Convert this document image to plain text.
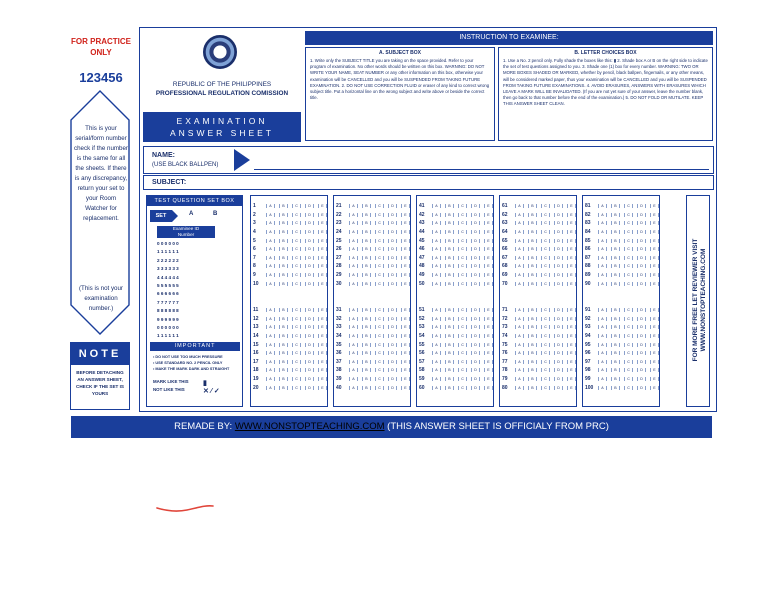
FOR PRACTICE
ONLY
123456
This is your serial/form number check if the number is the same for all the sheets. If there is any discrepancy, return your set to your Room Watcher for replacement.
(This is not your examination number.)
NOTE
BEFORE DETACHING AN ANSWER SHEET, CHECK IF THE SET IS YOURS
REPUBLIC OF THE PHILIPPINES
PROFESSIONAL REGULATION COMISSION
EXAMINATION
ANSWER SHEET
INSTRUCTION TO EXAMINEE:
A. SUBJECT BOX
1. Write only the SUBJECT TITLE you are taking on the space provided. Refer to your program of examination. No other words should be written on this box. WARNING: DO NOT WRITE YOUR NAME, SEAT NUMBER or any other information on this box, otherwise your examination will be CANCELLED and you will be SUSPENDED FROM TAKING FUTURE EXAMINATION. 2. DO NOT USE CORRECTION FLUID or eraser of any kind to correct wrong subject title. Put a horizontal line on the wrong subject and write above or beside the correct title.
B. LETTER CHOICES BOX
1. Use a No. 2 pencil only. Fully shade the boxes like this: ▮ 2. Shade box A or B on the right side to indicate the set of test questions assigned to you. 3. Shade one (1) box for every number. WARNING: TWO OR MORE BOXES SHADED OR MARKED, whether by pencil, black ballpen, fingernails, or any other means, will be considered marked paper, thus your examination will be CANCELLED and you will be SUSPENDED FROM TAKING FUTURE EXAMINATIONS. 4. AVOID ERASURES, ANSWERS WITH ERASURES WHICH LEAVE A MARK WILL BE INVALIDATED. (If you are not yet sure of your answer, leave the number blank, then go back to that number before the end of the examination.) 5. DO NOT FOLD OR MUTILATE. KEEP THIS ANSWER SHEET CLEAN.
NAME:
(USE BLACK BALLPEN)
SUBJECT:
TEST QUESTION SET BOX
SET	A	B
Examinee ID
Number
0 0 0 0 0 0
1 1 1 1 1 1
2 2 2 2 2 2
3 3 3 3 3 3
4 4 4 4 4 4
5 5 5 5 5 5
6 6 6 6 6 6
7 7 7 7 7 7
8 8 8 8 8 8
9 9 9 9 9 9
0 0 0 0 0 0
1 1 1 1 1 1
IMPORTANT
• DO NOT USE TOO MUCH PRESSURE
• USE STANDARD NO. 2 PENCIL ONLY
• MAKE THE MARK DARK AND STRAIGHT
MARK LIKE THIS
NOT LIKE THIS
▮
✕ ⁄ ✓
1	A	B	C	D	E
2	A	B	C	D	E
3	A	B	C	D	E
4	A	B	C	D	E
5	A	B	C	D	E
6	A	B	C	D	E
7	A	B	C	D	E
8	A	B	C	D	E
9	A	B	C	D	E
10	A	B	C	D	E
11	A	B	C	D	E
12	A	B	C	D	E
13	A	B	C	D	E
14	A	B	C	D	E
15	A	B	C	D	E
16	A	B	C	D	E
17	A	B	C	D	E
18	A	B	C	D	E
19	A	B	C	D	E
20	A	B	C	D	E
21	A	B	C	D	E
22	A	B	C	D	E
23	A	B	C	D	E
24	A	B	C	D	E
25	A	B	C	D	E
26	A	B	C	D	E
27	A	B	C	D	E
28	A	B	C	D	E
29	A	B	C	D	E
30	A	B	C	D	E
31	A	B	C	D	E
32	A	B	C	D	E
33	A	B	C	D	E
34	A	B	C	D	E
35	A	B	C	D	E
36	A	B	C	D	E
37	A	B	C	D	E
38	A	B	C	D	E
39	A	B	C	D	E
40	A	B	C	D	E
41	A	B	C	D	E
42	A	B	C	D	E
43	A	B	C	D	E
44	A	B	C	D	E
45	A	B	C	D	E
46	A	B	C	D	E
47	A	B	C	D	E
48	A	B	C	D	E
49	A	B	C	D	E
50	A	B	C	D	E
51	A	B	C	D	E
52	A	B	C	D	E
53	A	B	C	D	E
54	A	B	C	D	E
55	A	B	C	D	E
56	A	B	C	D	E
57	A	B	C	D	E
58	A	B	C	D	E
59	A	B	C	D	E
60	A	B	C	D	E
61	A	B	C	D	E
62	A	B	C	D	E
63	A	B	C	D	E
64	A	B	C	D	E
65	A	B	C	D	E
66	A	B	C	D	E
67	A	B	C	D	E
68	A	B	C	D	E
69	A	B	C	D	E
70	A	B	C	D	E
71	A	B	C	D	E
72	A	B	C	D	E
73	A	B	C	D	E
74	A	B	C	D	E
75	A	B	C	D	E
76	A	B	C	D	E
77	A	B	C	D	E
78	A	B	C	D	E
79	A	B	C	D	E
80	A	B	C	D	E
81	A	B	C	D	E
82	A	B	C	D	E
83	A	B	C	D	E
84	A	B	C	D	E
85	A	B	C	D	E
86	A	B	C	D	E
87	A	B	C	D	E
88	A	B	C	D	E
89	A	B	C	D	E
90	A	B	C	D	E
91	A	B	C	D	E
92	A	B	C	D	E
93	A	B	C	D	E
94	A	B	C	D	E
95	A	B	C	D	E
96	A	B	C	D	E
97	A	B	C	D	E
98	A	B	C	D	E
99	A	B	C	D	E
100	A	B	C	D	E
FOR MORE FREE LET REVIEWER VISIT WWW.NONSTOPTEACHING.COM
REMADE BY: WWW.NONSTOPTEACHING.COM (THIS ANSWER SHEET IS OFFICIALY FROM PRC)
